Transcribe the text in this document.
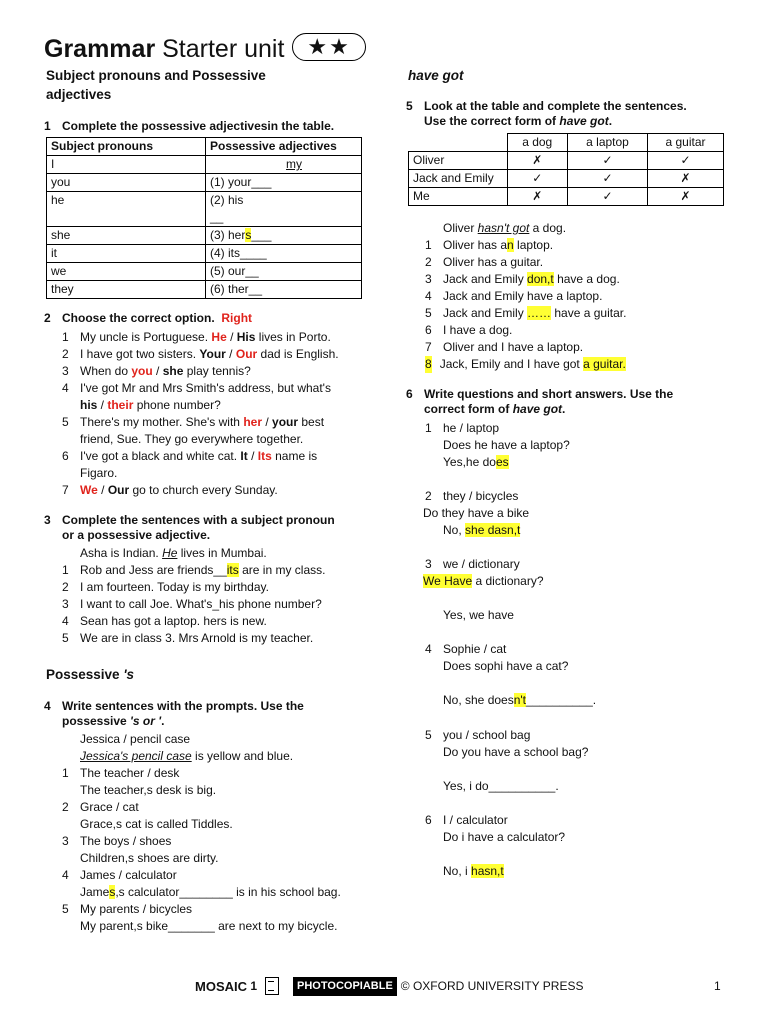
Grammar Starter unit ★★
Subject pronouns and Possessive
adjectives
1 Complete the possessive adjectivesin the table.
Subject pronouns	Possessive adjectives
I	my
you	(1) your___
he	(2) his
__

she	(3) hers___
it	(4) its____
we	(5) our__
they	(6) ther__
2 Choose the correct option. Right
1 My uncle is Portuguese. He / His lives in Porto.
2 I have got two sisters. Your / Our dad is English.
3 When do you / she play tennis?
4 I've got Mr and Mrs Smith's address, but what's
his / their phone number?
5 There's my mother. She's with her / your best
friend, Sue. They go everywhere together.
6 I've got a black and white cat. It / Its name is
Figaro.
7 We / Our go to church every Sunday.
3 Complete the sentences with a subject pronoun
or a possessive adjective.
Asha is Indian. He lives in Mumbai.
1 Rob and Jess are friends__its are in my class.
2 I am fourteen. Today is my birthday.
3 I want to call Joe. What's_his phone number?
4 Sean has got a laptop. hers is new.
5 We are in class 3. Mrs Arnold is my teacher.
Possessive 's
4 Write sentences with the prompts. Use the
possessive 's or '.
Jessica / pencil case
Jessica's pencil case is yellow and blue.
1 The teacher / desk
The teacher,s desk is big.
2 Grace / cat
Grace,s cat is called Tiddles.
3 The boys / shoes
Children,s shoes are dirty.
4 James / calculator
James,s calculator________ is in his school bag.
5 My parents / bicycles
My parent,s bike_______ are next to my bicycle.
have got
5 Look at the table and complete the sentences.
Use the correct form of have got.
	a dog	a laptop	a guitar
Oliver	✗	✓	✓
Jack and Emily	✓	✓	✗
Me	✗	✓	✗
Oliver hasn't got a dog.
1 Oliver has an laptop.
2 Oliver has a guitar.
3 Jack and Emily don,t have a dog.
4 Jack and Emily have a laptop.
5 Jack and Emily …… have a guitar.
6 I have a dog.
7 Oliver and I have a laptop.
8 Jack, Emily and I have got a guitar.
6 Write questions and short answers. Use the
correct form of have got.
1 he / laptop
Does he have a laptop?
Yes,he does
2 they / bicycles
Do they have a bike
No, she dasn,t
3 we / dictionary
We Have a dictionary?
Yes, we have
4 Sophie / cat
Does sophi have a cat?
No, she doesn't__________.
5 you / school bag
Do you have a school bag?
Yes, i do__________.
6 I / calculator
Do i have a calculator?
No, i hasn,t
MOSAIC
1	PHOTOCOPIABLE © OXFORD UNIVERSITY PRESS	1
